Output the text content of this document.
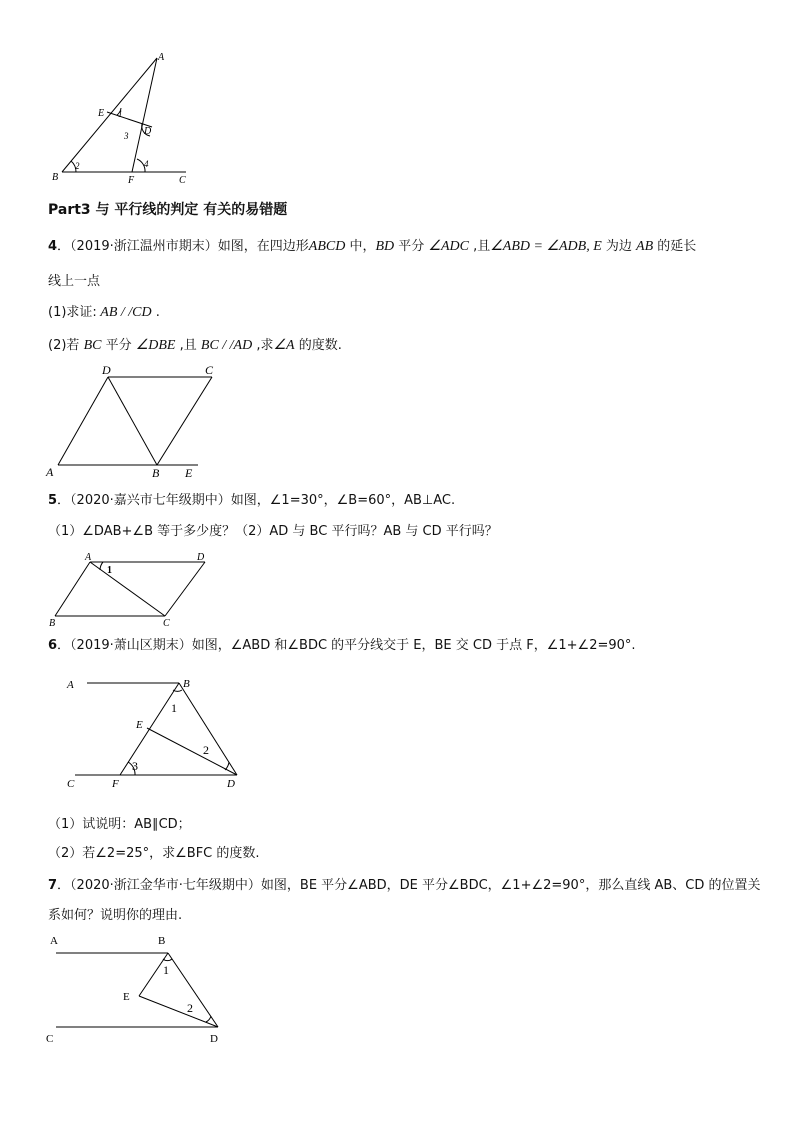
A
B	C
D
E
F
1
2
3
4
Part3 与 平行线的判定 有关的易错题
4．（2019·浙江温州市期末）如图，在四边形ABCD 中，BD 平分 ∠ADC ,且∠ABD = ∠ADB, E 为边 AB 的延长
线上一点
(1)求证: AB / /CD .
(2)若 BC 平分 ∠DBE ,且 BC / /AD ,求∠A 的度数.
D	C
A	B E
5．（2020·嘉兴市七年级期中）如图，∠1=30°，∠B=60°，AB⊥AC.
（1）∠DAB+∠B 等于多少度？（2）AD 与 BC 平行吗？AB 与 CD 平行吗？
A	D
B	C
1
6．（2019·萧山区期末）如图，∠ABD 和∠BDC 的平分线交于 E，BE 交 CD 于点 F，∠1+∠2=90°.
A	B
C	D
E
F
1
2
3
（1）试说明：AB∥CD；
（2）若∠2=25°，求∠BFC 的度数.
7．（2020·浙江金华市·七年级期中）如图，BE 平分∠ABD，DE 平分∠BDC，∠1+∠2=90°，那么直线 AB、CD 的位置关
系如何？说明你的理由.
A	B
C	D
E
1
2
